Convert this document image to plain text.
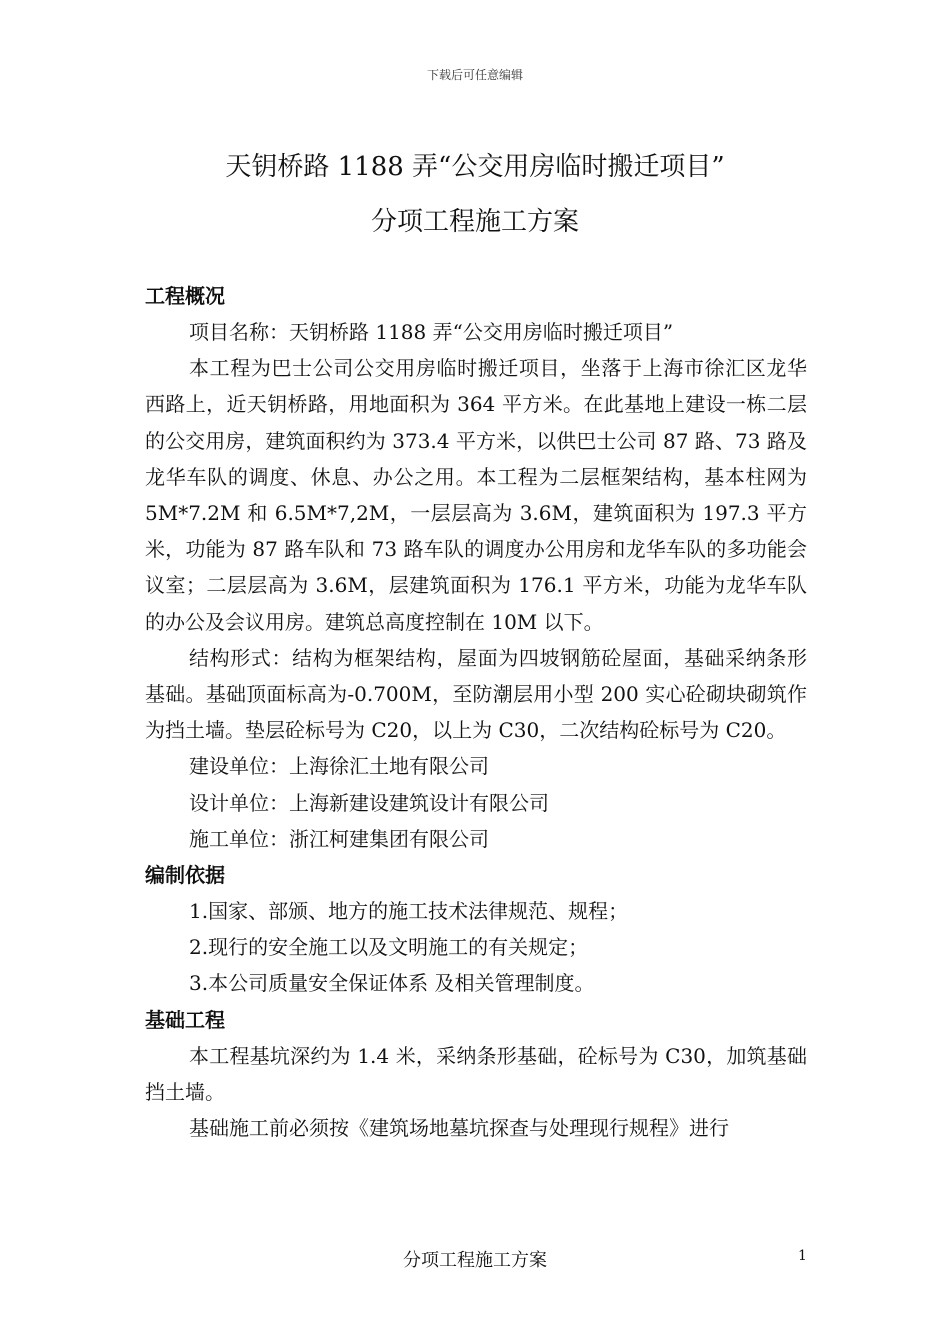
下载后可任意编辑
天钥桥路 1188 弄“公交用房临时搬迁项目”
分项工程施工方案
工程概况

项目名称：天钥桥路 1188 弄“公交用房临时搬迁项目”

本工程为巴士公司公交用房临时搬迁项目，坐落于上海市徐汇区龙华西路上，近天钥桥路，用地面积为 364 平方米。在此基地上建设一栋二层的公交用房，建筑面积约为 373.4 平方米，以供巴士公司 87 路、73 路及龙华车队的调度、休息、办公之用。本工程为二层框架结构，基本柱网为 5M*7.2M 和 6.5M*7,2M，一层层高为 3.6M，建筑面积为 197.3 平方米，功能为 87 路车队和 73 路车队的调度办公用房和龙华车队的多功能会议室；二层层高为 3.6M，层建筑面积为 176.1 平方米，功能为龙华车队的办公及会议用房。建筑总高度控制在 10M 以下。

结构形式：结构为框架结构，屋面为四坡钢筋砼屋面，基础采纳条形基础。基础顶面标高为-0.700M，至防潮层用小型 200 实心砼砌块砌筑作为挡土墙。垫层砼标号为 C20，以上为 C30，二次结构砼标号为 C20。

建设单位：上海徐汇土地有限公司

设计单位：上海新建设建筑设计有限公司

施工单位：浙江柯建集团有限公司

编制依据

1.国家、部颁、地方的施工技术法律规范、规程；

2.现行的安全施工以及文明施工的有关规定；

3.本公司质量安全保证体系 及相关管理制度。

基础工程

本工程基坑深约为 1.4 米，采纳条形基础，砼标号为 C30，加筑基础挡土墙。

基础施工前必须按《建筑场地墓坑探查与处理现行规程》进行

分项工程施工方案	1
